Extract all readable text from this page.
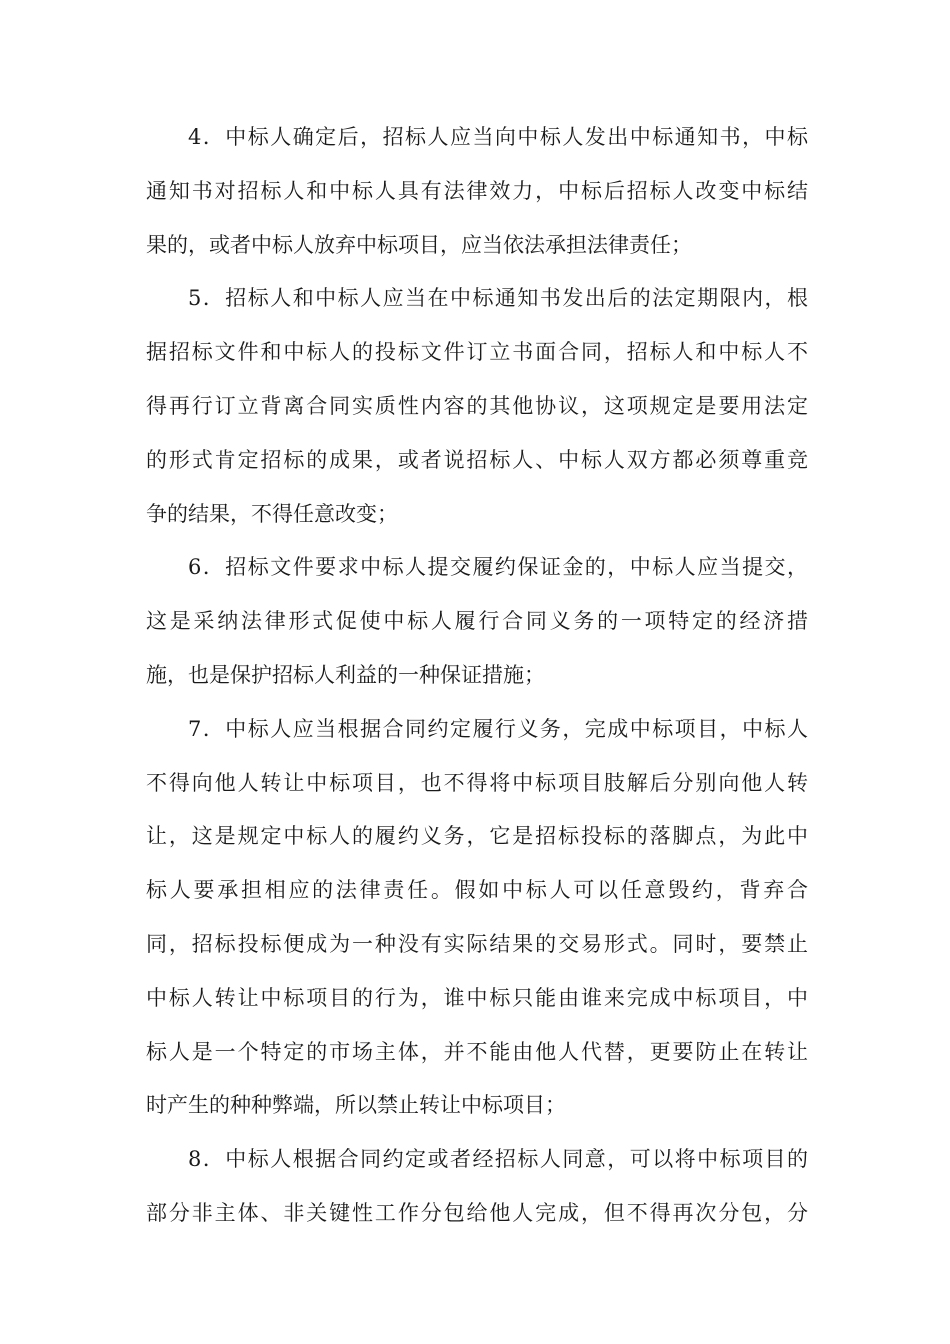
4．中标人确定后，招标人应当向中标人发出中标通知书，中标
通知书对招标人和中标人具有法律效力，中标后招标人改变中标结
果的，或者中标人放弃中标项目，应当依法承担法律责任；
5．招标人和中标人应当在中标通知书发出后的法定期限内，根
据招标文件和中标人的投标文件订立书面合同，招标人和中标人不
得再行订立背离合同实质性内容的其他协议，这项规定是要用法定
的形式肯定招标的成果，或者说招标人、中标人双方都必须尊重竞
争的结果，不得任意改变；
6．招标文件要求中标人提交履约保证金的，中标人应当提交，
这是采纳法律形式促使中标人履行合同义务的一项特定的经济措
施，也是保护招标人利益的一种保证措施；
7．中标人应当根据合同约定履行义务，完成中标项目，中标人
不得向他人转让中标项目，也不得将中标项目肢解后分别向他人转
让，这是规定中标人的履约义务，它是招标投标的落脚点，为此中
标人要承担相应的法律责任。假如中标人可以任意毁约，背弃合
同，招标投标便成为一种没有实际结果的交易形式。同时，要禁止
中标人转让中标项目的行为，谁中标只能由谁来完成中标项目，中
标人是一个特定的市场主体，并不能由他人代替，更要防止在转让
时产生的种种弊端，所以禁止转让中标项目；
8．中标人根据合同约定或者经招标人同意，可以将中标项目的
部分非主体、非关键性工作分包给他人完成，但不得再次分包，分
